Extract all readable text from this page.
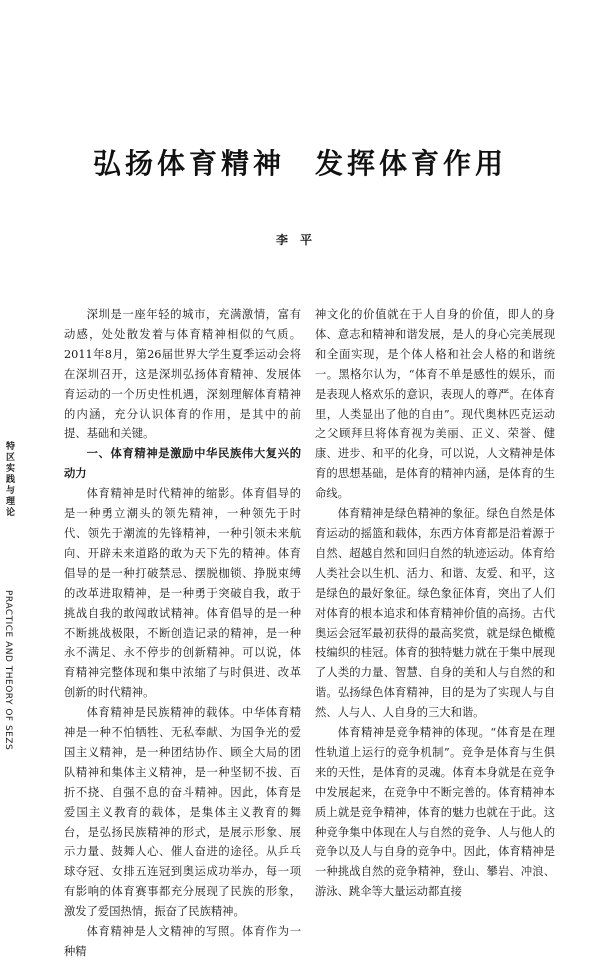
弘扬体育精神 发挥体育作用
李平
特区实践与理论
PRACTICE AND THEORY OF SEZS

深圳是一座年轻的城市，充满激情，富有动感，处处散发着与体育精神相似的气质。2011年8月，第26届世界大学生夏季运动会将在深圳召开，这是深圳弘扬体育精神、发展体育运动的一个历史性机遇，深刻理解体育精神的内涵，充分认识体育的作用，是其中的前提、基础和关键。

一、体育精神是激励中华民族伟大复兴的动力

体育精神是时代精神的缩影。体育倡导的是一种勇立潮头的领先精神，一种领先于时代、领先于潮流的先锋精神，一种引领未来航向、开辟未来道路的敢为天下先的精神。体育倡导的是一种打破禁忌、摆脱枷锁、挣脱束缚的改革进取精神，是一种勇于突破自我，敢于挑战自我的敢闯敢试精神。体育倡导的是一种不断挑战极限，不断创造记录的精神，是一种永不满足、永不停步的创新精神。可以说，体育精神完整体现和集中浓缩了与时俱进、改革创新的时代精神。

体育精神是民族精神的载体。中华体育精神是一种不怕牺牲、无私奉献、为国争光的爱国主义精神，是一种团结协作、顾全大局的团队精神和集体主义精神，是一种坚韧不拔、百折不挠、自强不息的奋斗精神。因此，体育是爱国主义教育的载体，是集体主义教育的舞台，是弘扬民族精神的形式，是展示形象、展示力量、鼓舞人心、催人奋进的途径。从乒乓球夺冠、女排五连冠到奥运成功举办，每一项有影响的体育赛事都充分展现了民族的形象，激发了爱国热情，振奋了民族精神。

体育精神是人文精神的写照。体育作为一种精

神文化的价值就在于人自身的价值，即人的身体、意志和精神和谐发展，是人的身心完美展现和全面实现，是个体人格和社会人格的和谐统一。黑格尔认为，“体育不单是感性的娱乐，而是表现人格欢乐的意识，表现人的尊严。在体育里，人类显出了他的自由”。现代奥林匹克运动之父顾拜旦将体育视为美丽、正义、荣誉、健康、进步、和平的化身，可以说，人文精神是体育的思想基础，是体育的精神内涵，是体育的生命线。

体育精神是绿色精神的象征。绿色自然是体育运动的摇篮和载体，东西方体育都是沿着源于自然、超越自然和回归自然的轨迹运动。体育给人类社会以生机、活力、和谐、友爱、和平，这是绿色的最好象征。绿色象征体育，突出了人们对体育的根本追求和体育精神价值的高扬。古代奥运会冠军最初获得的最高奖赏，就是绿色橄榄枝编织的桂冠。体育的独特魅力就在于集中展现了人类的力量、智慧、自身的美和人与自然的和谐。弘扬绿色体育精神，目的是为了实现人与自然、人与人、人自身的三大和谐。

体育精神是竞争精神的体现。“体育是在理性轨道上运行的竞争机制”。竞争是体育与生俱来的天性，是体育的灵魂。体育本身就是在竞争中发展起来，在竞争中不断完善的。体育精神本质上就是竞争精神，体育的魅力也就在于此。这种竞争集中体现在人与自然的竞争、人与他人的竞争以及人与自身的竞争中。因此，体育精神是一种挑战自然的竞争精神，登山、攀岩、冲浪、游泳、跳伞等大量运动都直接
